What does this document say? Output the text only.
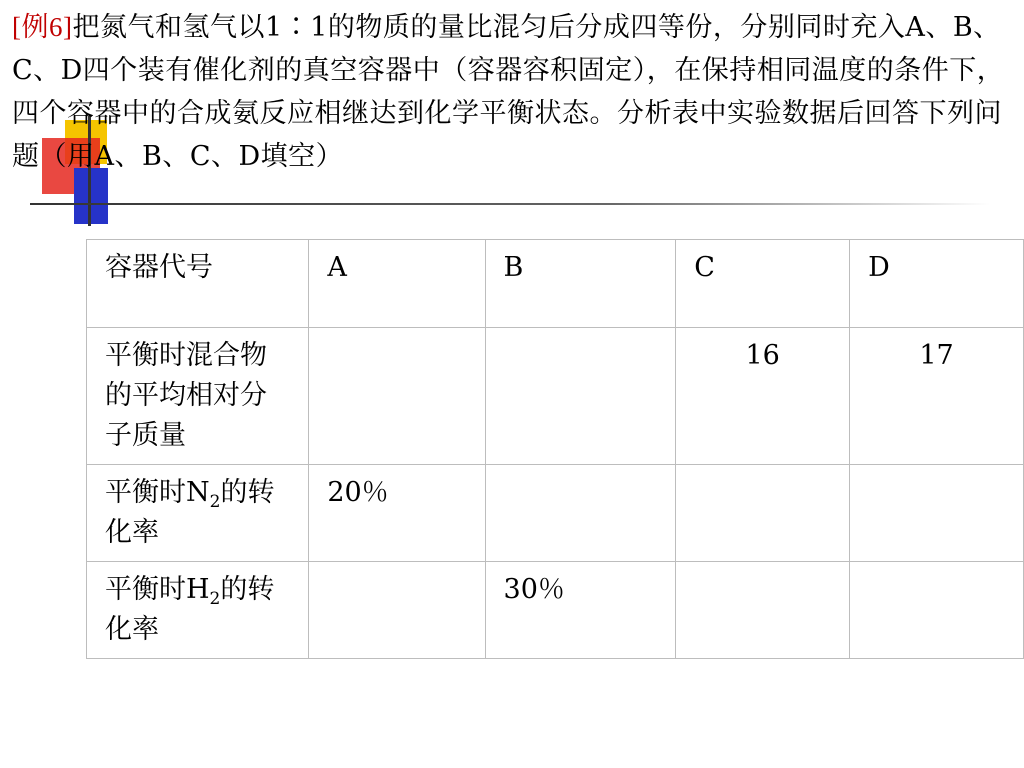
[例6]把氮气和氢气以1∶1的物质的量比混匀后分成四等份，分别同时充入A、B、C、D四个装有催化剂的真空容器中（容器容积固定），在保持相同温度的条件下，四个容器中的合成氨反应相继达到化学平衡状态。分析表中实验数据后回答下列问题（用A、B、C、D填空）
容器代号	A	B	C	D
平衡时混合物的平均相对分子质量			16	17
平衡时$N_2$的转化率	20％			
平衡时$H_2$的转化率		30％		
